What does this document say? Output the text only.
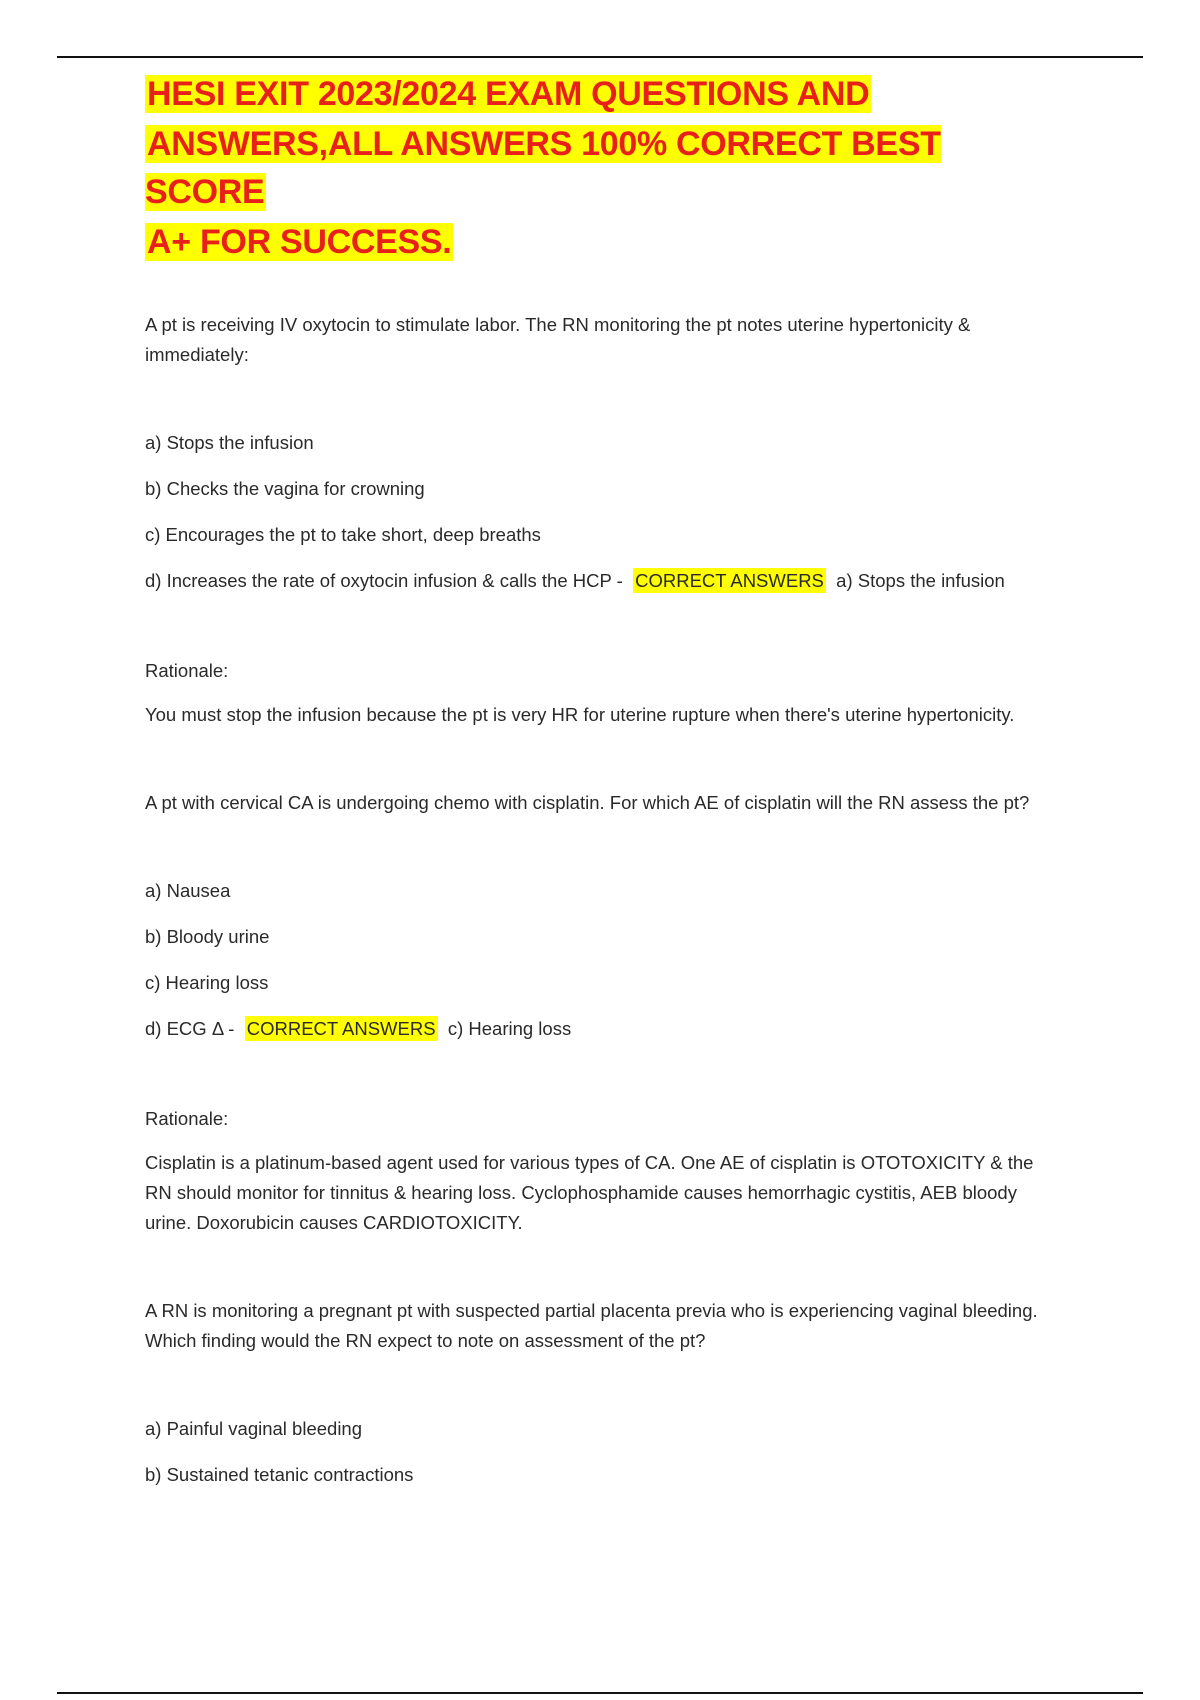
HESI EXIT 2023/2024 EXAM QUESTIONS AND
ANSWERS,ALL ANSWERS 100% CORRECT BEST SCORE
A+ FOR SUCCESS.

A pt is receiving IV oxytocin to stimulate labor. The RN monitoring the pt notes uterine hypertonicity & immediately:

a) Stops the infusion

b) Checks the vagina for crowning

c) Encourages the pt to take short, deep breaths

d) Increases the rate of oxytocin infusion & calls the HCP - CORRECT ANSWERS a) Stops the infusion

Rationale:

You must stop the infusion because the pt is very HR for uterine rupture when there's uterine hypertonicity.

A pt with cervical CA is undergoing chemo with cisplatin. For which AE of cisplatin will the RN assess the pt?

a) Nausea

b) Bloody urine

c) Hearing loss

d) ECG Δ - CORRECT ANSWERS c) Hearing loss

Rationale:

Cisplatin is a platinum-based agent used for various types of CA. One AE of cisplatin is OTOTOXICITY & the RN should monitor for tinnitus & hearing loss. Cyclophosphamide causes hemorrhagic cystitis, AEB bloody urine. Doxorubicin causes CARDIOTOXICITY.

A RN is monitoring a pregnant pt with suspected partial placenta previa who is experiencing vaginal bleeding. Which finding would the RN expect to note on assessment of the pt?

a) Painful vaginal bleeding

b) Sustained tetanic contractions
